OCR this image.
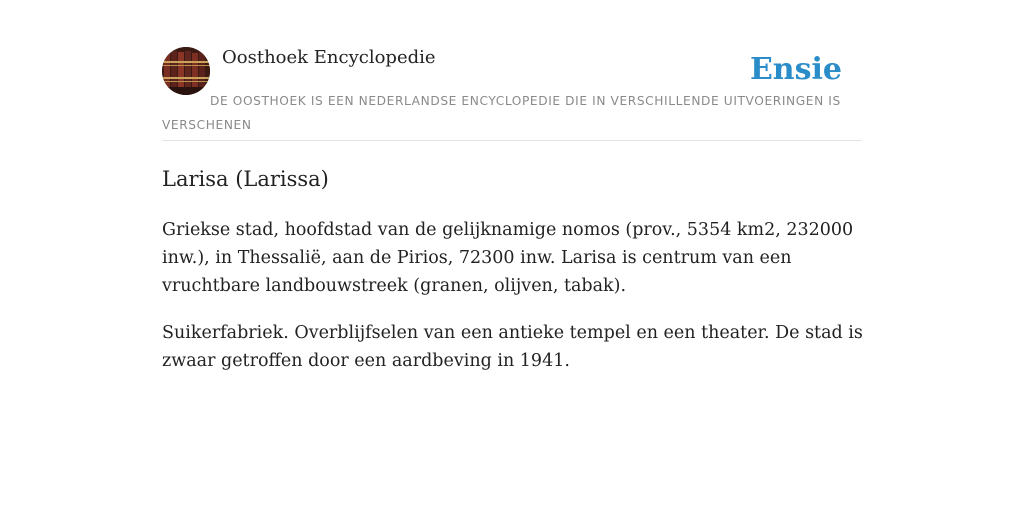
Oosthoek Encyclopedie	Ensie
DE OOSTHOEK IS EEN NEDERLANDSE ENCYCLOPEDIE DIE IN VERSCHILLENDE UITVOERINGEN IS VERSCHENEN
Larisa (Larissa)

Griekse stad, hoofdstad van de gelijknamige nomos (prov., 5354 km2, 232000 inw.), in Thessalië, aan de Pirios, 72300 inw. Larisa is centrum van een vruchtbare landbouwstreek (granen, olijven, tabak).

Suikerfabriek. Overblijfselen van een antieke tempel en een theater. De stad is zwaar getroffen door een aardbeving in 1941.
